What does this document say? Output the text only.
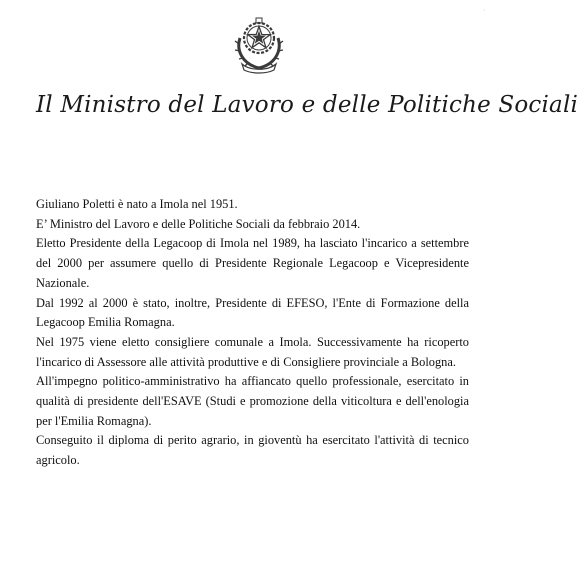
·
Il Ministro del Lavoro e delle Politiche Sociali

Giuliano Poletti è nato a Imola nel 1951.

E’ Ministro del Lavoro e delle Politiche Sociali da febbraio 2014.

Eletto Presidente della Legacoop di Imola nel 1989, ha lasciato l'incarico a settembre del 2000 per assumere quello di Presidente Regionale Legacoop e Vicepresidente Nazionale.

Dal 1992 al 2000 è stato, inoltre, Presidente di EFESO, l'Ente di Formazione della Legacoop Emilia Romagna.

Nel 1975 viene eletto consigliere comunale a Imola. Successivamente ha ricoperto l'incarico di Assessore alle attività produttive e di Consigliere provinciale a Bologna.

All'impegno politico-amministrativo ha affiancato quello professionale, esercitato in qualità di presidente dell'ESAVE (Studi e promozione della viticoltura e dell'enologia per l'Emilia Romagna).

Conseguito il diploma di perito agrario, in gioventù ha esercitato l'attività di tecnico agricolo.
